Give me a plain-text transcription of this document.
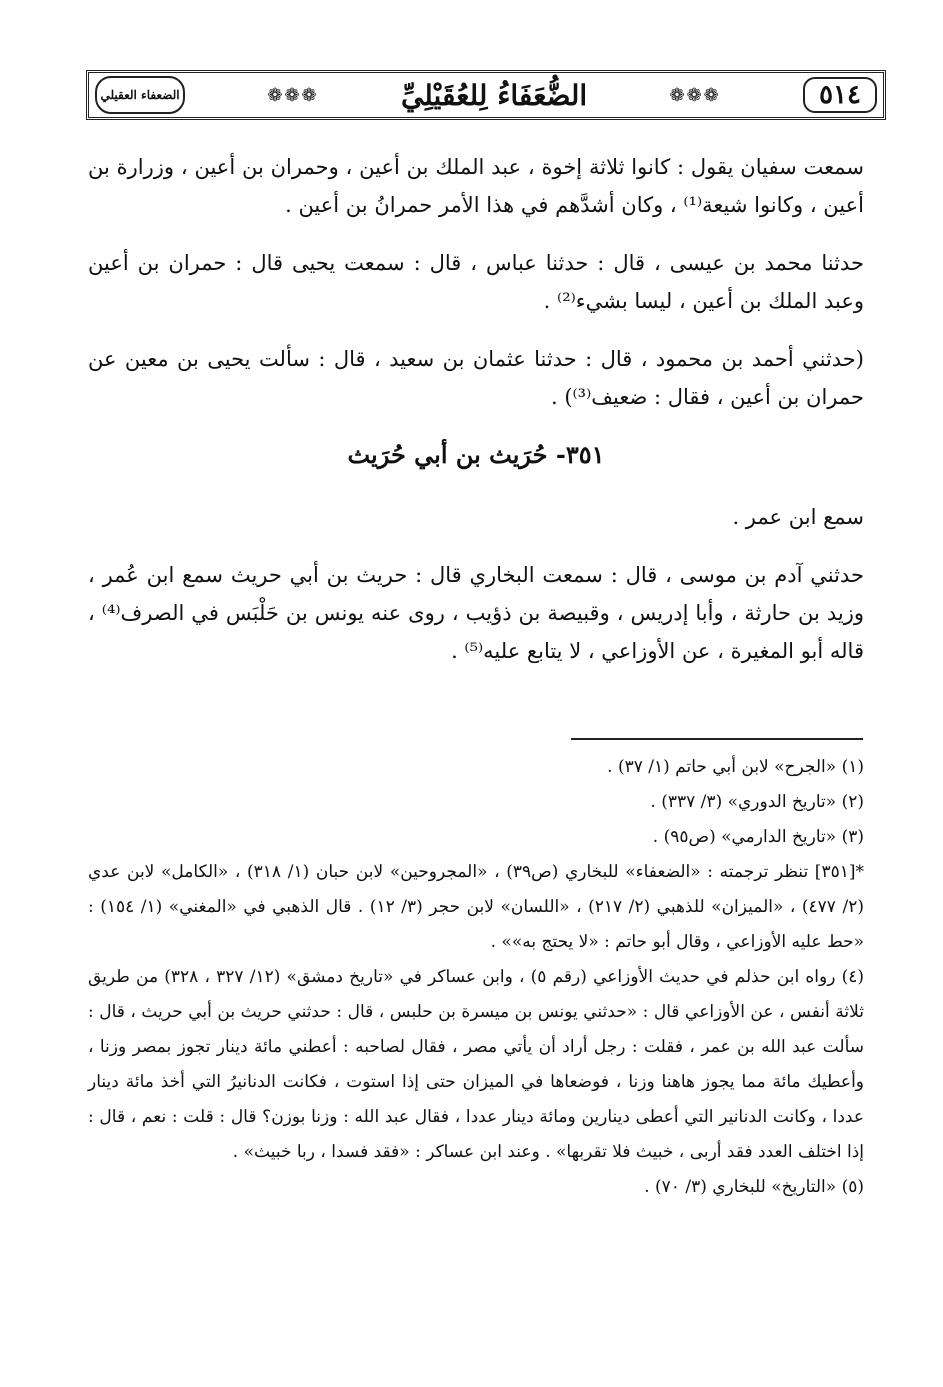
٥١٤
❁❁❁
الضُّعَفَاءُ لِلعُقَيْلِيِّ
❁❁❁
الضعفاء العقيلي

سمعت سفيان يقول : كانوا ثلاثة إخوة ، عبد الملك بن أعين ، وحمران بن أعين ، وزرارة بن أعين ، وكانوا شيعة⁽¹⁾ ، وكان أشدَّهم في هذا الأمر حمرانُ بن أعين .

حدثنا محمد بن عيسى ، قال : حدثنا عباس ، قال : سمعت يحيى قال : حمران بن أعين وعبد الملك بن أعين ، ليسا بشيء⁽²⁾ .

(حدثني أحمد بن محمود ، قال : حدثنا عثمان بن سعيد ، قال : سألت يحيى بن معين عن حمران بن أعين ، فقال : ضعيف⁽³⁾) .

٣٥١- حُرَيث بن أبي حُرَيث

سمع ابن عمر .

حدثني آدم بن موسى ، قال : سمعت البخاري قال : حريث بن أبي حريث سمع ابن عُمر ، وزيد بن حارثة ، وأبا إدريس ، وقبيصة بن ذؤيب ، روى عنه يونس بن حَلْبَس في الصرف⁽⁴⁾ ، قاله أبو المغيرة ، عن الأوزاعي ، لا يتابع عليه⁽⁵⁾ .

(١) «الجرح» لابن أبي حاتم (١/ ٣٧) .

(٢) «تاريخ الدوري» (٣/ ٣٣٧) .

(٣) «تاريخ الدارمي» (ص٩٥) .

*[٣٥١] تنظر ترجمته : «الضعفاء» للبخاري (ص٣٩) ، «المجروحين» لابن حبان (١/ ٣١٨) ، «الكامل» لابن عدي (٢/ ٤٧٧) ، «الميزان» للذهبي (٢/ ٢١٧) ، «اللسان» لابن حجر (٣/ ١٢) . قال الذهبي في «المغني» (١/ ١٥٤) : «حط عليه الأوزاعي ، وقال أبو حاتم : «لا يحتج به»» .

(٤) رواه ابن حذلم في حديث الأوزاعي (رقم ٥) ، وابن عساكر في «تاريخ دمشق» (١٢/ ٣٢٧ ، ٣٢٨) من طريق ثلاثة أنفس ، عن الأوزاعي قال : «حدثني يونس بن ميسرة بن حلبس ، قال : حدثني حريث بن أبي حريث ، قال : سألت عبد الله بن عمر ، فقلت : رجل أراد أن يأتي مصر ، فقال لصاحبه : أعطني مائة دينار تجوز بمصر وزنا ، وأعطيك مائة مما يجوز هاهنا وزنا ، فوضعاها في الميزان حتى إذا استوت ، فكانت الدنانيرُ التي أخذ مائة دينار عددا ، وكانت الدنانير التي أعطى دينارين ومائة دينار عددا ، فقال عبد الله : وزنا بوزن؟ قال : قلت : نعم ، قال : إذا اختلف العدد فقد أربى ، خبيث فلا تقربها» . وعند ابن عساكر : «فقد فسدا ، ربا خبيث» .

(٥) «التاريخ» للبخاري (٣/ ٧٠) .
